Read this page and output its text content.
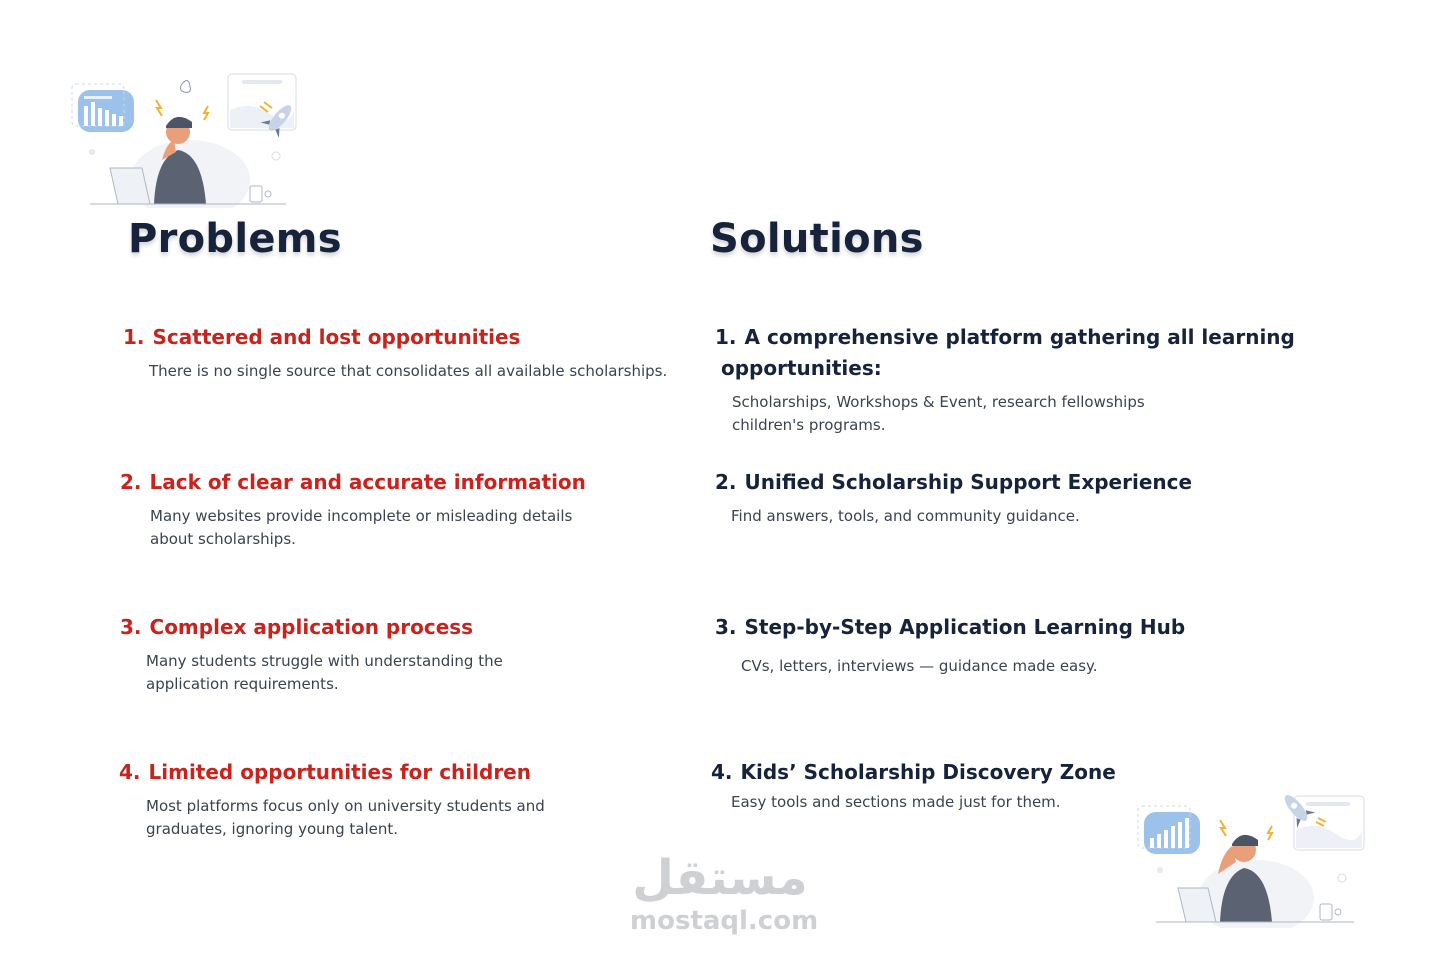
Problems	Solutions
1. Scattered and lost opportunities
There is no single source that consolidates all available scholarships.
2. Lack of clear and accurate information
Many websites provide incomplete or misleading details
about scholarships.
3. Complex application process
Many students struggle with understanding the
application requirements.
4. Limited opportunities for children
Most platforms focus only on university students and
graduates, ignoring young talent.
1. A comprehensive platform gathering all learning
opportunities:
Scholarships, Workshops & Event, research fellowships
children's programs.
2. Unified Scholarship Support Experience
Find answers, tools, and community guidance.
3. Step-by-Step Application Learning Hub
CVs, letters, interviews — guidance made easy.
4. Kids’ Scholarship Discovery Zone
Easy tools and sections made just for them.
مستقل
mostaql.com
